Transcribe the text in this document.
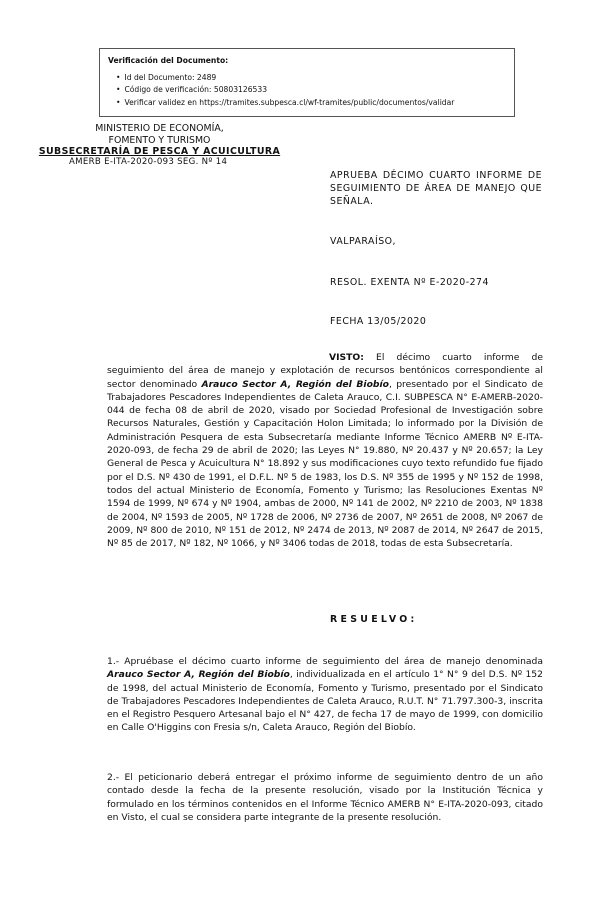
Verificación del Documento:

• Id del Documento: 2489
• Código de verificación: 50803126533
• Verificar validez en https://tramites.subpesca.cl/wf-tramites/public/documentos/validar
MINISTERIO DE ECONOMÍA,
FOMENTO Y TURISMO
SUBSECRETARÍA DE PESCA Y ACUICULTURA
AMERB E-ITA-2020-093 SEG. Nº 14
APRUEBA DÉCIMO CUARTO INFORME DE SEGUIMIENTO DE ÁREA DE MANEJO QUE SEÑALA.
VALPARAÍSO,
RESOL. EXENTA Nº E-2020-274
FECHA 13/05/2020
VISTO: El décimo cuarto informe de seguimiento del área de manejo y explotación de recursos bentónicos correspondiente al sector denominado Arauco Sector A, Región del Biobío, presentado por el Sindicato de Trabajadores Pescadores Independientes de Caleta Arauco, C.I. SUBPESCA N° E-AMERB-2020-044 de fecha 08 de abril de 2020, visado por Sociedad Profesional de Investigación sobre Recursos Naturales, Gestión y Capacitación Holon Limitada; lo informado por la División de Administración Pesquera de esta Subsecretaría mediante Informe Técnico AMERB Nº E-ITA-2020-093, de fecha 29 de abril de 2020; las Leyes N° 19.880, Nº 20.437 y Nº 20.657; la Ley General de Pesca y Acuicultura N° 18.892 y sus modificaciones cuyo texto refundido fue fijado por el D.S. Nº 430 de 1991, el D.F.L. Nº 5 de 1983, los D.S. Nº 355 de 1995 y Nº 152 de 1998, todos del actual Ministerio de Economía, Fomento y Turismo; las Resoluciones Exentas Nº 1594 de 1999, Nº 674 y Nº 1904, ambas de 2000, Nº 141 de 2002, Nº 2210 de 2003, Nº 1838 de 2004, Nº 1593 de 2005, Nº 1728 de 2006, Nº 2736 de 2007, Nº 2651 de 2008, Nº 2067 de 2009, Nº 800 de 2010, Nº 151 de 2012, Nº 2474 de 2013, Nº 2087 de 2014, Nº 2647 de 2015, Nº 85 de 2017, Nº 182, Nº 1066, y Nº 3406 todas de 2018, todas de esta Subsecretaría.
RESUELVO:
1.- Apruébase el décimo cuarto informe de seguimiento del área de manejo denominada Arauco Sector A, Región del Biobío, individualizada en el artículo 1° N° 9 del D.S. Nº 152 de 1998, del actual Ministerio de Economía, Fomento y Turismo, presentado por el Sindicato de Trabajadores Pescadores Independientes de Caleta Arauco, R.U.T. N° 71.797.300-3, inscrita en el Registro Pesquero Artesanal bajo el N° 427, de fecha 17 de mayo de 1999, con domicilio en Calle O'Higgins con Fresia s/n, Caleta Arauco, Región del Biobío.
2.- El peticionario deberá entregar el próximo informe de seguimiento dentro de un año contado desde la fecha de la presente resolución, visado por la Institución Técnica y formulado en los términos contenidos en el Informe Técnico AMERB N° E-ITA-2020-093, citado en Visto, el cual se considera parte integrante de la presente resolución.
